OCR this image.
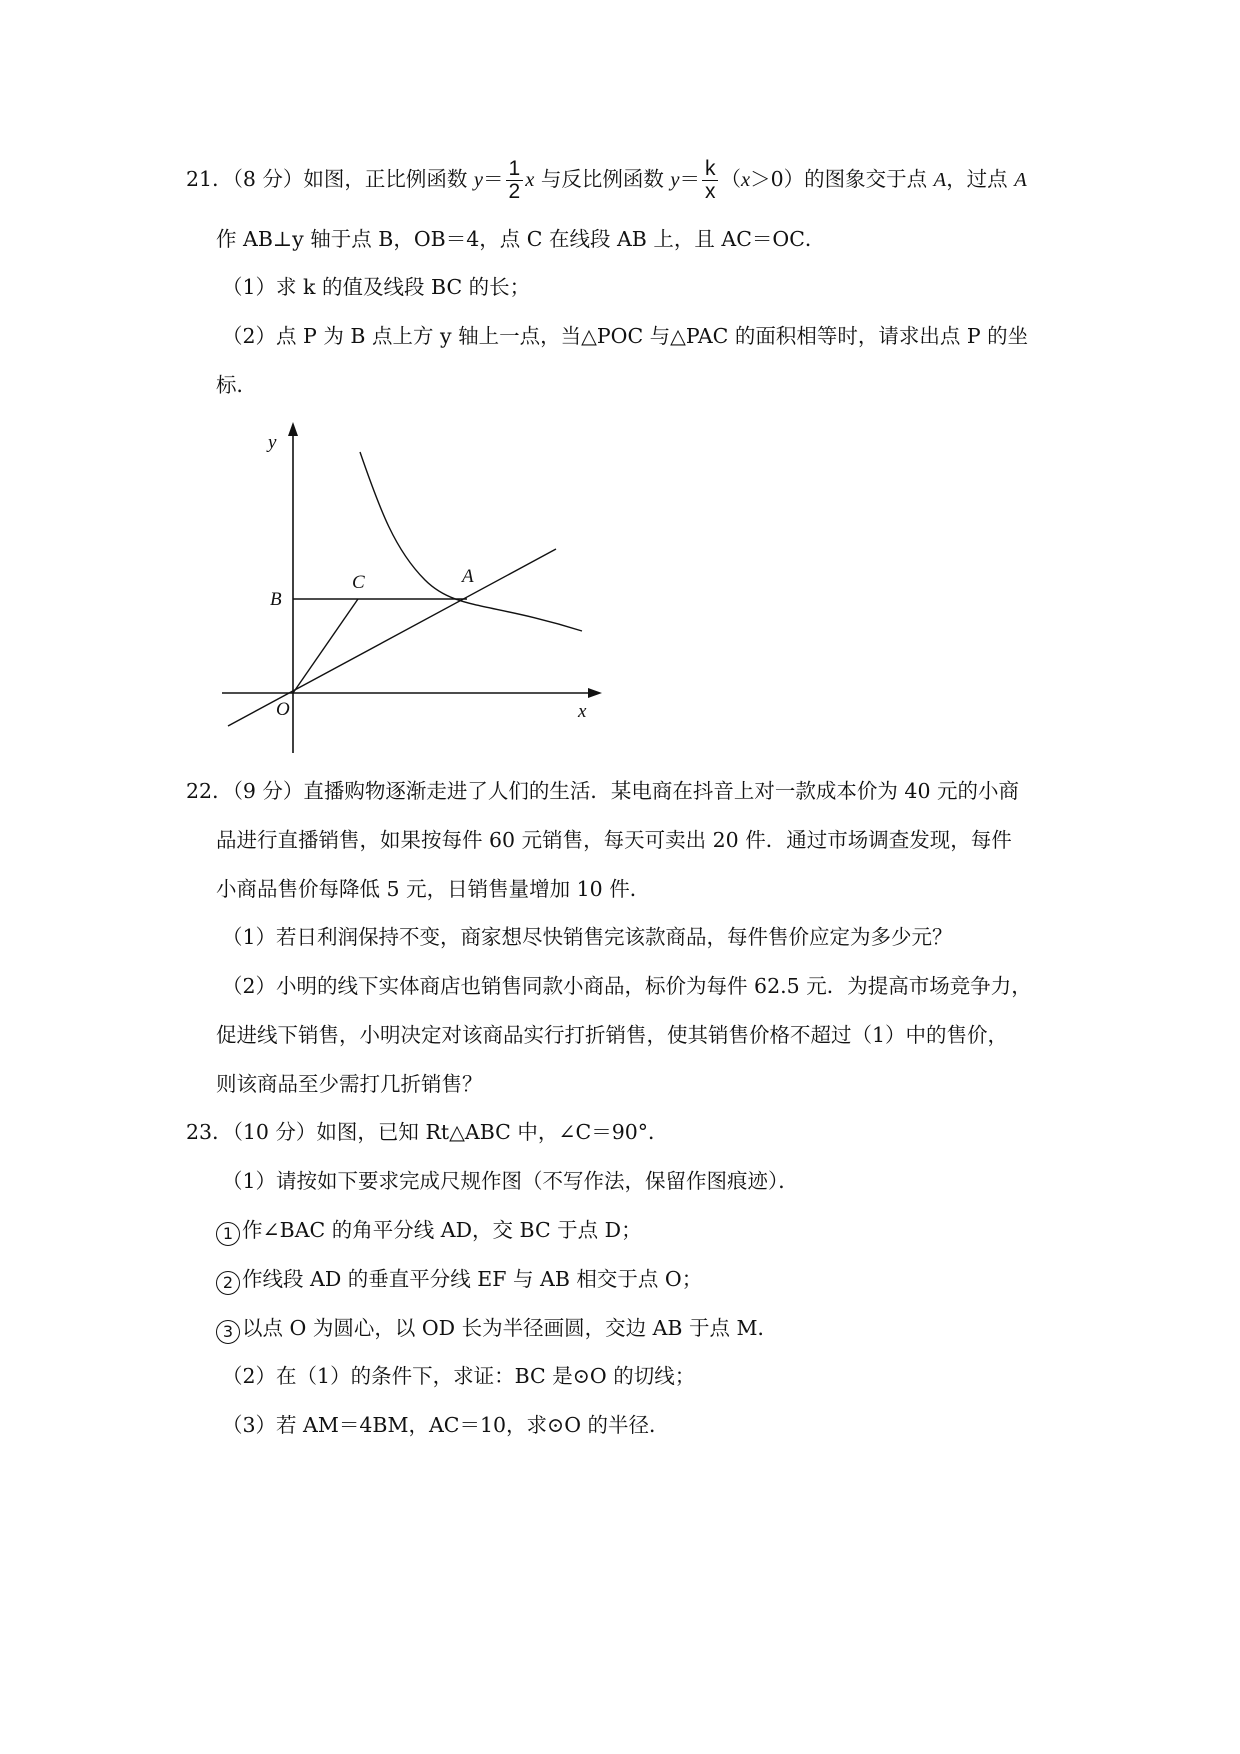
21．（8 分）如图，正比例函数 $y= \frac{1}{2}$ x 与反比例函数 $y= \frac{k}{x} (x>0)$的图象交于点 A，过点 A
作 AB⊥y 轴于点 B，OB＝4，点 C 在线段 AB 上，且 AC＝OC．
（1）求 k 的值及线段 BC 的长；
（2）点 P 为 B 点上方 y 轴上一点，当△POC 与△PAC 的面积相等时，请求出点 P 的坐
标．
y
x
O
B
C	A
22．（9 分）直播购物逐渐走进了人们的生活．某电商在抖音上对一款成本价为 40 元的小商
品进行直播销售，如果按每件 60 元销售，每天可卖出 20 件．通过市场调查发现，每件
小商品售价每降低 5 元，日销售量增加 10 件．
（1）若日利润保持不变，商家想尽快销售完该款商品，每件售价应定为多少元？
（2）小明的线下实体商店也销售同款小商品，标价为每件 62.5 元．为提高市场竞争力，
促进线下销售，小明决定对该商品实行打折销售，使其销售价格不超过（1）中的售价，
则该商品至少需打几折销售？
23．（10 分）如图，已知 Rt△ABC 中，∠C＝90°．
（1）请按如下要求完成尺规作图（不写作法，保留作图痕迹）．
1 作∠BAC 的角平分线 AD，交 BC 于点 D；
2 作线段 AD 的垂直平分线 EF 与 AB 相交于点 O；
3 以点 O 为圆心，以 OD 长为半径画圆，交边 AB 于点 M．
（2）在（1）的条件下，求证：BC 是⊙O 的切线；
（3）若 AM＝4BM，AC＝10，求⊙O 的半径．
